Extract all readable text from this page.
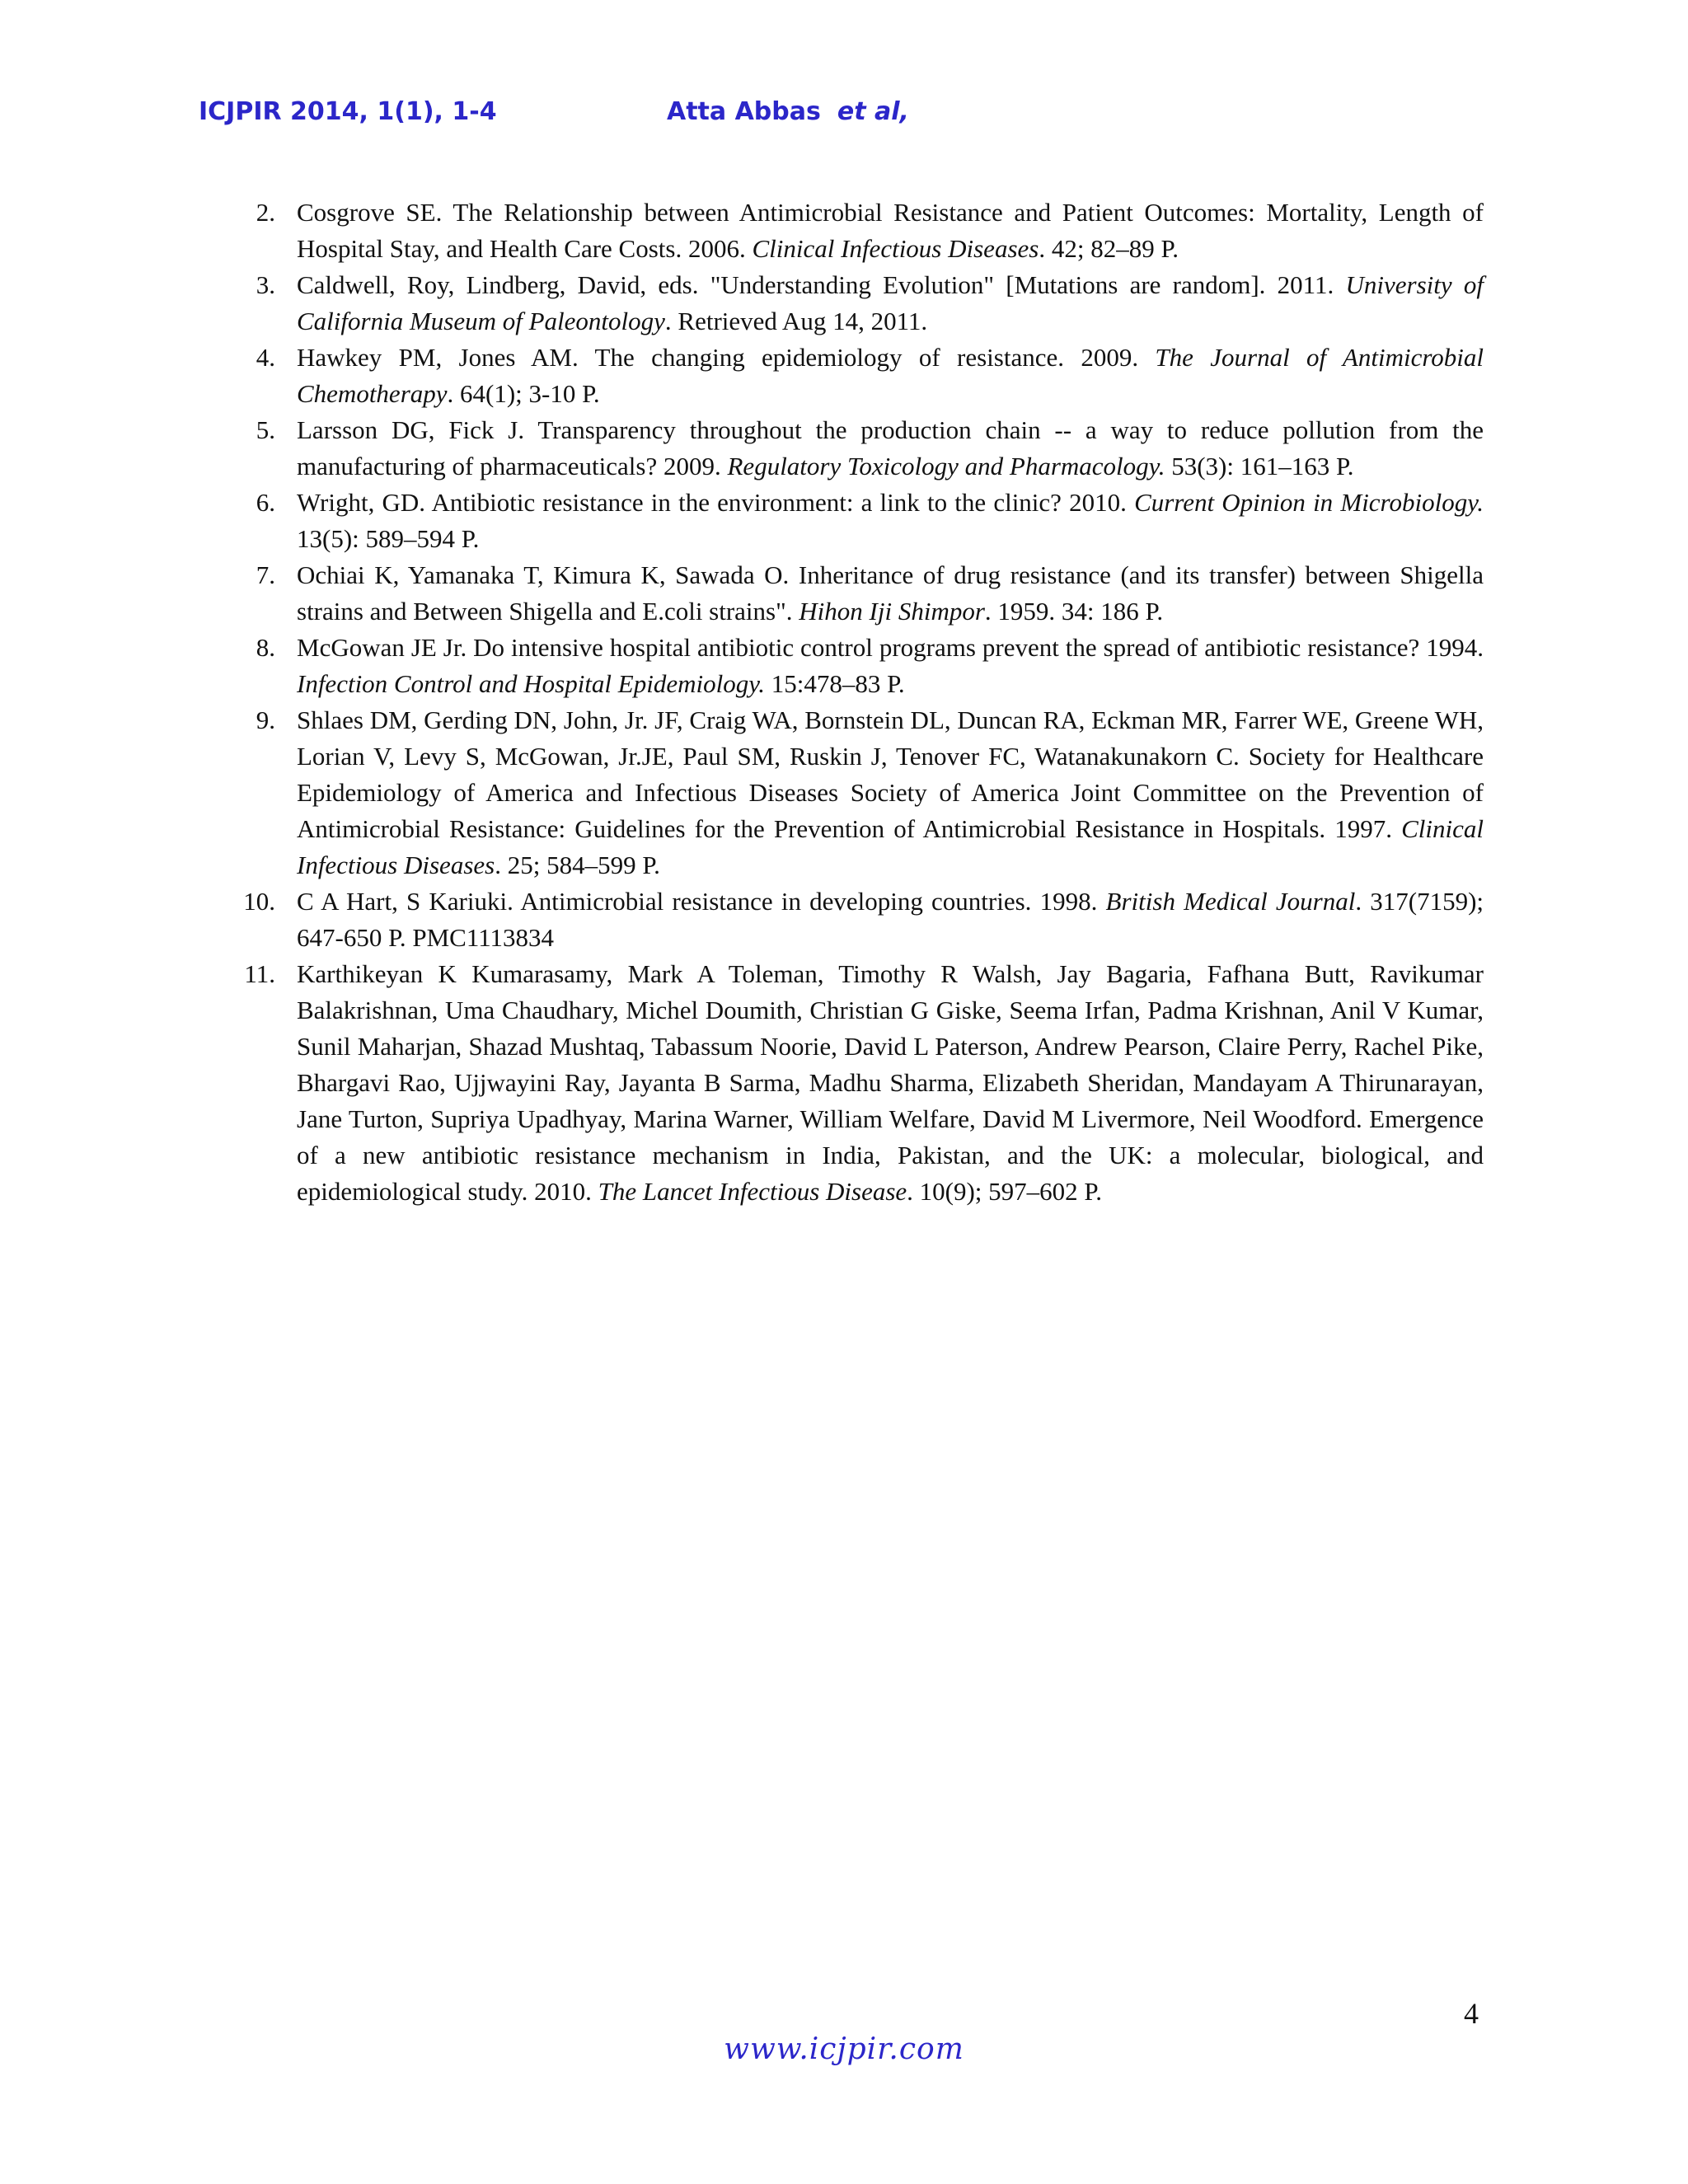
ICJPIR 2014, 1(1), 1-4	Atta Abbas et al,
2. Cosgrove SE. The Relationship between Antimicrobial Resistance and Patient Outcomes: Mortality, Length of Hospital Stay, and Health Care Costs. 2006. Clinical Infectious Diseases. 42; 82–89 P.
3. Caldwell, Roy, Lindberg, David, eds. "Understanding Evolution" [Mutations are random]. 2011. University of California Museum of Paleontology. Retrieved Aug 14, 2011.
4. Hawkey PM, Jones AM. The changing epidemiology of resistance. 2009. The Journal of Antimicrobial Chemotherapy. 64(1); 3-10 P.
5. Larsson DG, Fick J. Transparency throughout the production chain -- a way to reduce pollution from the manufacturing of pharmaceuticals? 2009. Regulatory Toxicology and Pharmacology. 53(3): 161–163 P.
6. Wright, GD. Antibiotic resistance in the environment: a link to the clinic? 2010. Current Opinion in Microbiology. 13(5): 589–594 P.
7. Ochiai K, Yamanaka T, Kimura K, Sawada O. Inheritance of drug resistance (and its transfer) between Shigella strains and Between Shigella and E.coli strains". Hihon Iji Shimpor. 1959. 34: 186 P.
8. McGowan JE Jr. Do intensive hospital antibiotic control programs prevent the spread of antibiotic resistance? 1994. Infection Control and Hospital Epidemiology. 15:478–83 P.
9. Shlaes DM, Gerding DN, John, Jr. JF, Craig WA, Bornstein DL, Duncan RA, Eckman MR, Farrer WE, Greene WH, Lorian V, Levy S, McGowan, Jr.JE, Paul SM, Ruskin J, Tenover FC, Watanakunakorn C. Society for Healthcare Epidemiology of America and Infectious Diseases Society of America Joint Committee on the Prevention of Antimicrobial Resistance: Guidelines for the Prevention of Antimicrobial Resistance in Hospitals. 1997. Clinical Infectious Diseases. 25; 584–599 P.
10. C A Hart, S Kariuki. Antimicrobial resistance in developing countries. 1998. British Medical Journal. 317(7159); 647-650 P. PMC1113834
11. Karthikeyan K Kumarasamy, Mark A Toleman, Timothy R Walsh, Jay Bagaria, Fafhana Butt, Ravikumar Balakrishnan, Uma Chaudhary, Michel Doumith, Christian G Giske, Seema Irfan, Padma Krishnan, Anil V Kumar, Sunil Maharjan, Shazad Mushtaq, Tabassum Noorie, David L Paterson, Andrew Pearson, Claire Perry, Rachel Pike, Bhargavi Rao, Ujjwayini Ray, Jayanta B Sarma, Madhu Sharma, Elizabeth Sheridan, Mandayam A Thirunarayan, Jane Turton, Supriya Upadhyay, Marina Warner, William Welfare, David M Livermore, Neil Woodford. Emergence of a new antibiotic resistance mechanism in India, Pakistan, and the UK: a molecular, biological, and epidemiological study. 2010. The Lancet Infectious Disease. 10(9); 597–602 P.
4
www.icjpir.com
